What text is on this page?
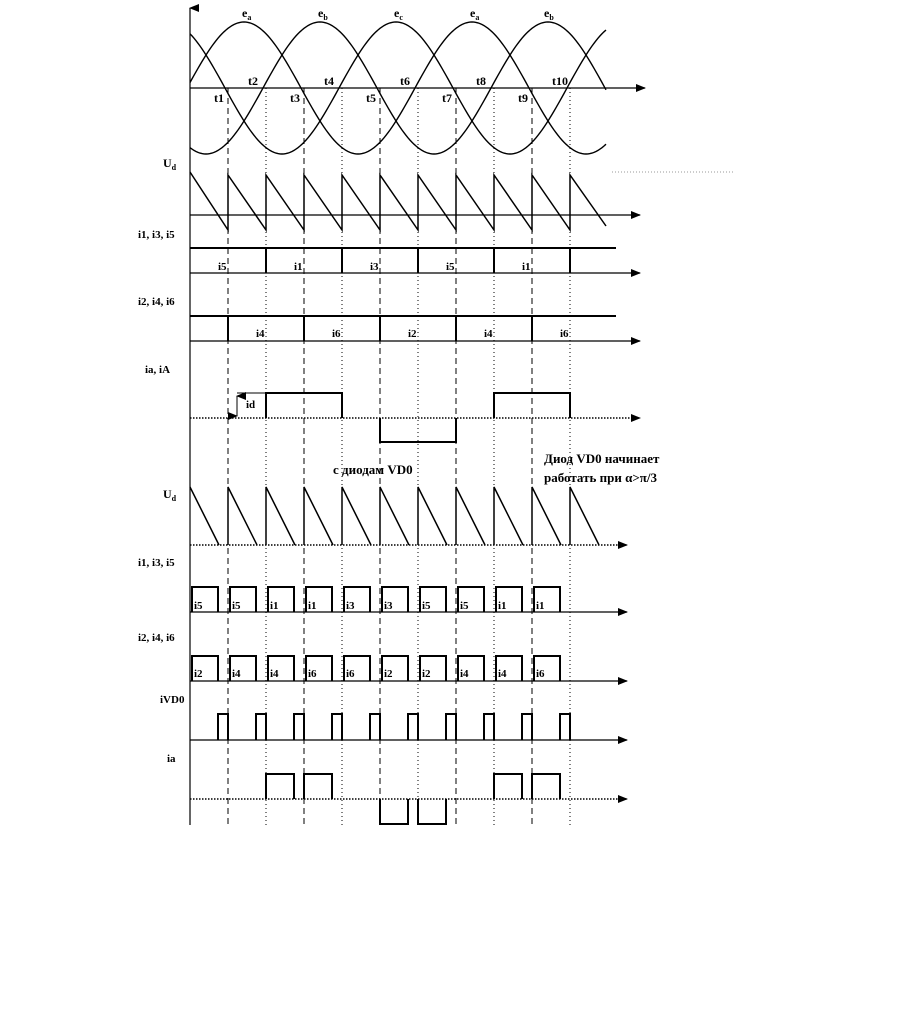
$e_a$	$e_b$	$e_c$	$e_a$	$e_b$
t1
t2
t3
t4
t5
t6
t7
t8
t9
t10
$U_d$
i1, i3, i5
i5	i1	i3	i5	i1
i2, i4, i6
i4	i6	i2	i4	i6
ia, iA
id
с диодам VD0
Диод VD0 начинает
работать при α>π/3
$U_d$
i1, i3, i5
i5	i5	i1	i1	i3	i3	i5	i5	i1	i1
i2, i4, i6
i2	i4	i4	i6	i6	i2	i2	i4	i4	i6
iVD0
ia
